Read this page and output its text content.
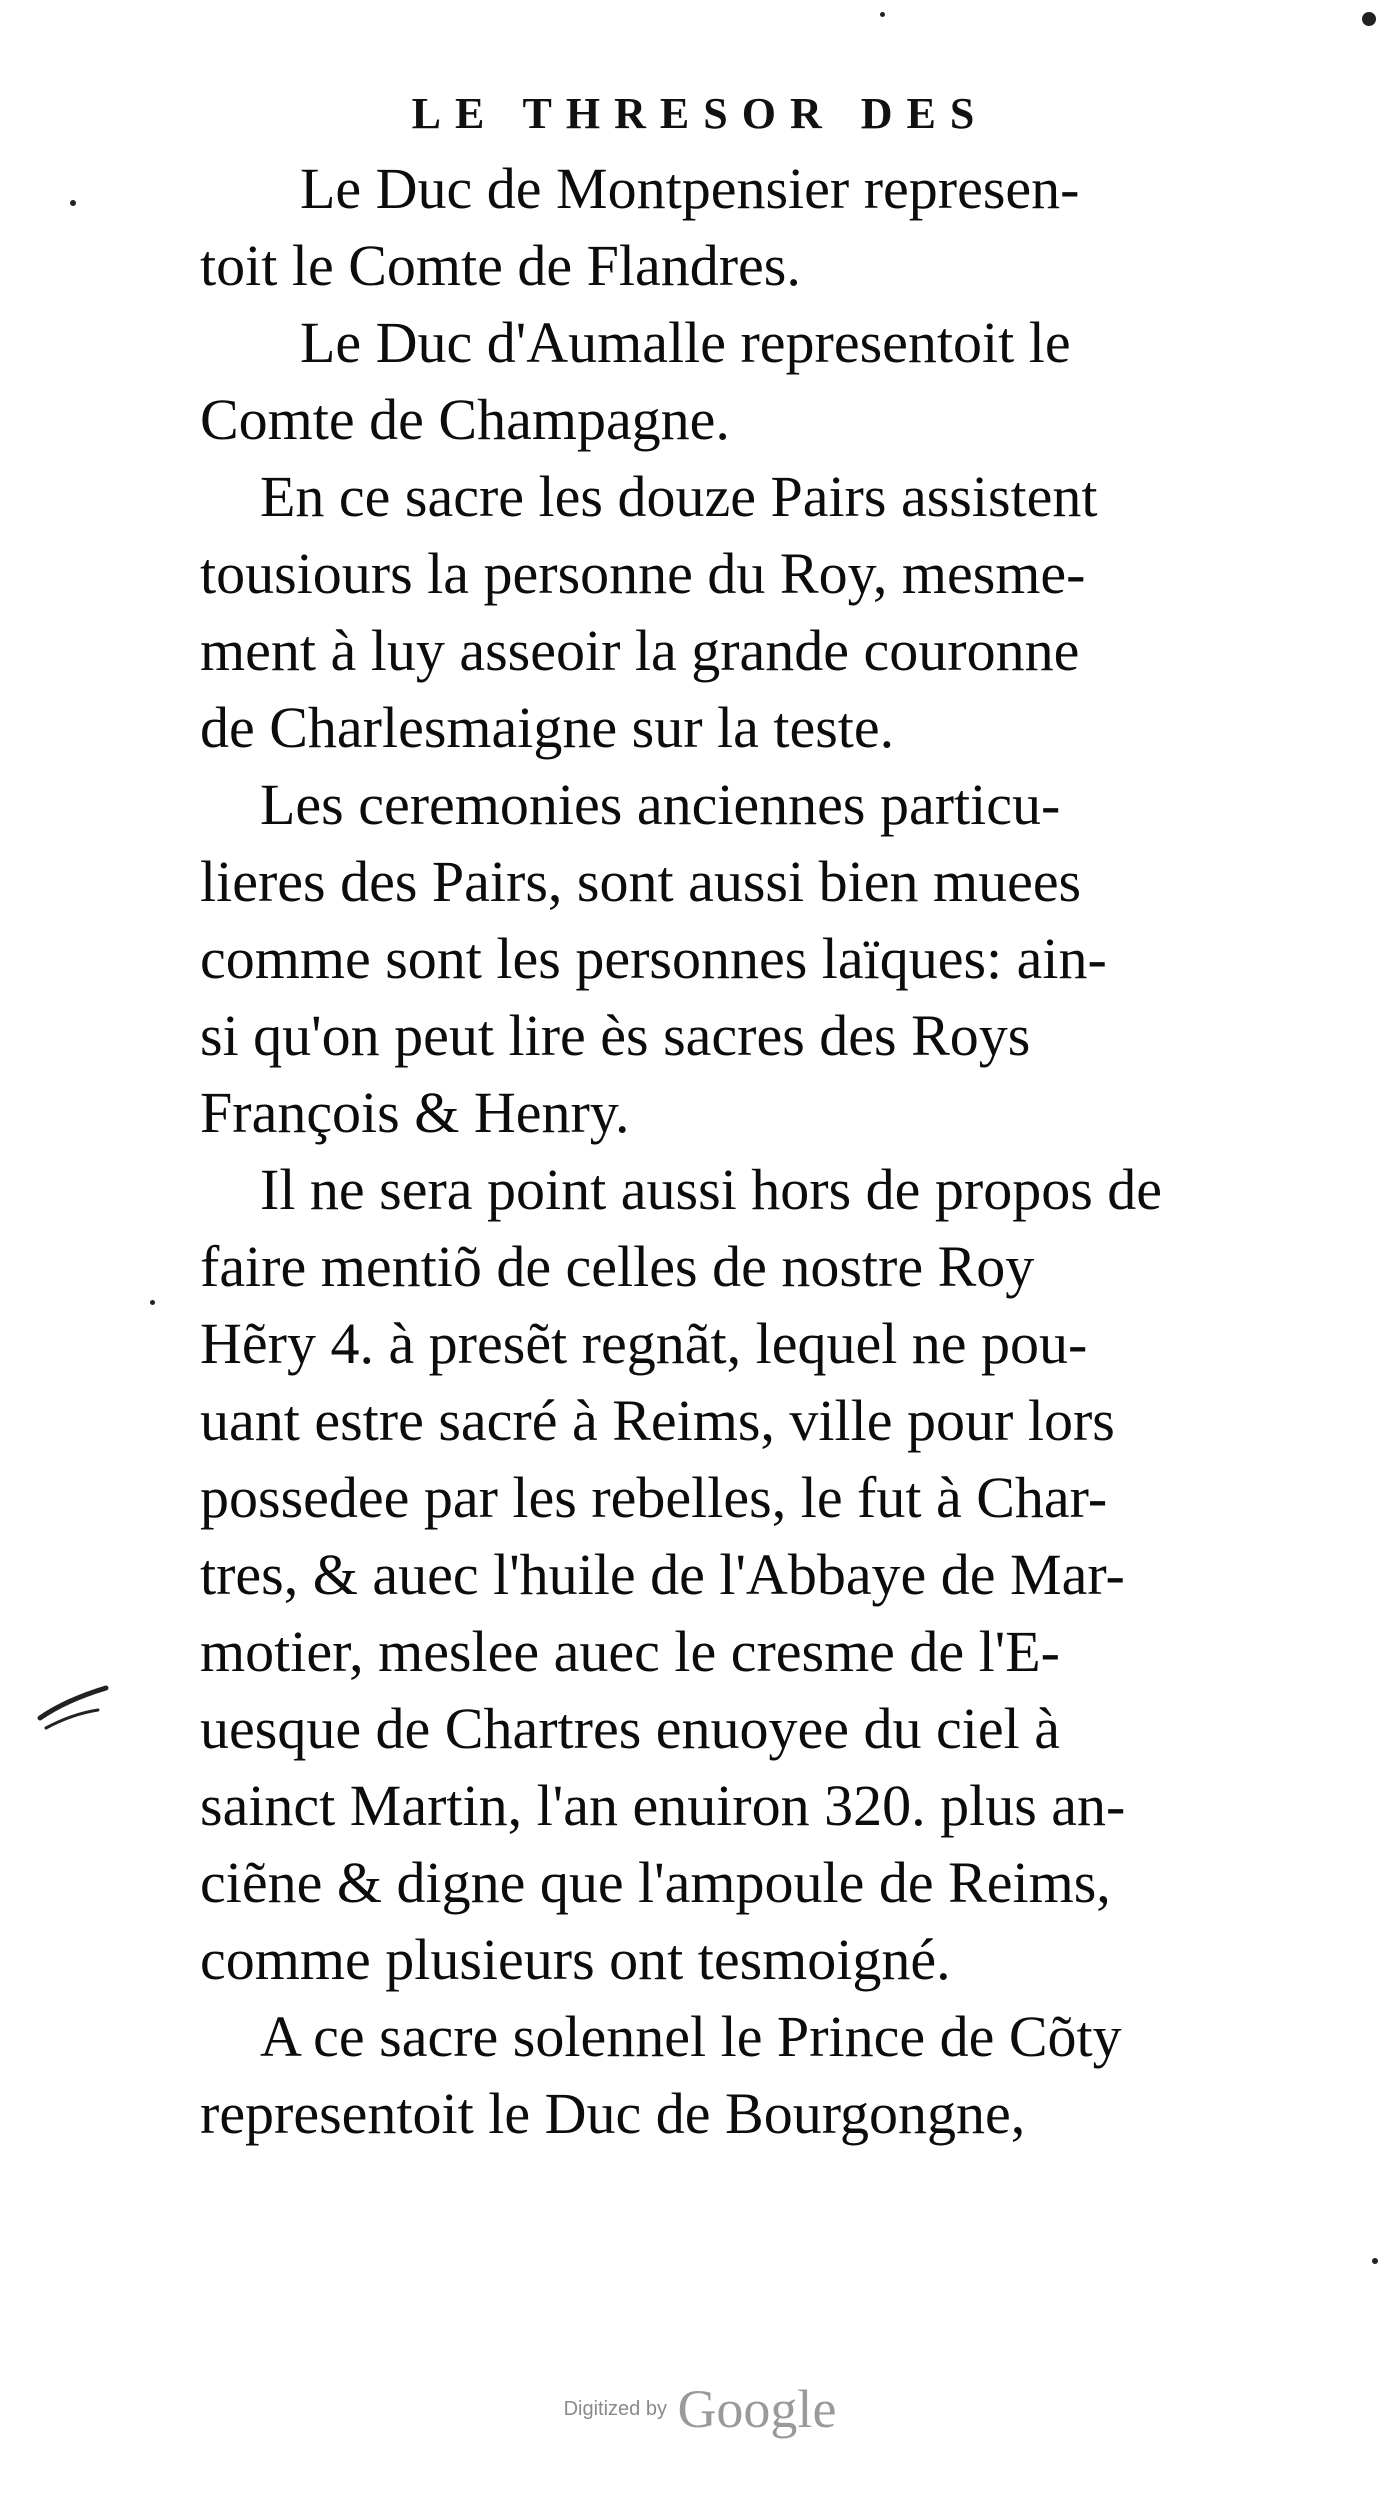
LE THRESOR DES

Le Duc de Montpensier represen-
toit le Comte de Flandres.

Le Duc d'Aumalle representoit le
Comte de Champagne.

En ce sacre les douze Pairs assistent
tousiours la personne du Roy, mesme-
ment à luy asseoir la grande couronne
de Charlesmaigne sur la teste.

Les ceremonies anciennes particu-
lieres des Pairs, sont aussi bien muees
comme sont les personnes laïques: ain-
si qu'on peut lire ès sacres des Roys
François & Henry.

Il ne sera point aussi hors de propos de
faire mentiõ de celles de nostre Roy
Hẽry 4. à presẽt regnãt, lequel ne pou-
uant estre sacré à Reims, ville pour lors
possedee par les rebelles, le fut à Char-
tres, & auec l'huile de l'Abbaye de Mar-
motier, meslee auec le cresme de l'E-
uesque de Chartres enuoyee du ciel à
sainct Martin, l'an enuiron 320. plus an-
ciẽne & digne que l'ampoule de Reims,
comme plusieurs ont tesmoigné.

A ce sacre solennel le Prince de Cõty
representoit le Duc de Bourgongne,

Digitized by Google
